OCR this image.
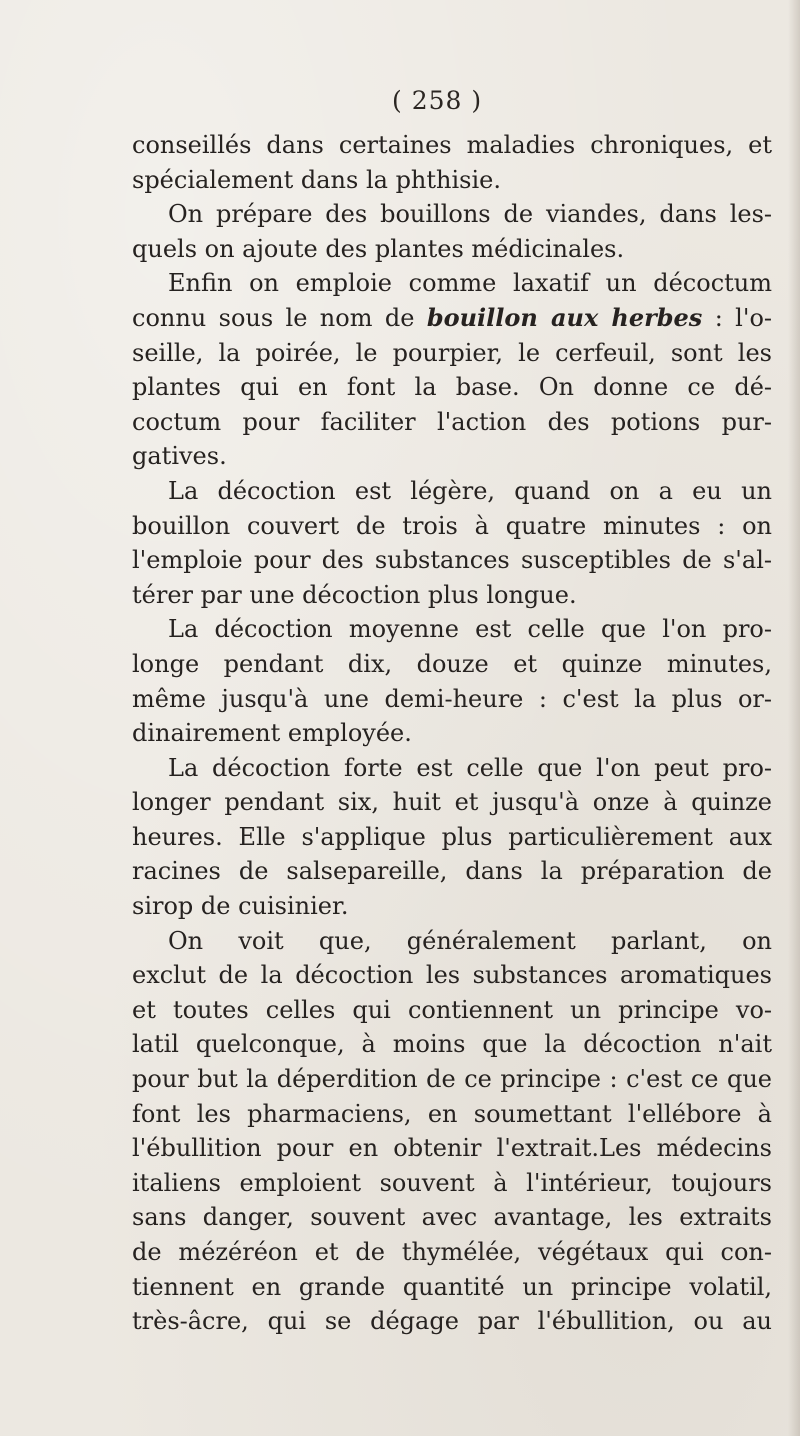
( 258 )
conseillés dans certaines maladies chroniques, et
spécialement dans la phthisie.
On prépare des bouillons de viandes, dans les-
quels on ajoute des plantes médicinales.
Enfin on emploie comme laxatif un décoctum
connu sous le nom de bouillon aux herbes : l'o-
seille, la poirée, le pourpier, le cerfeuil, sont les
plantes qui en font la base. On donne ce dé-
coctum pour faciliter l'action des potions pur-
gatives.
La décoction est légère, quand on a eu un
bouillon couvert de trois à quatre minutes : on
l'emploie pour des substances susceptibles de s'al-
térer par une décoction plus longue.
La décoction moyenne est celle que l'on pro-
longe pendant dix, douze et quinze minutes,
même jusqu'à une demi-heure : c'est la plus or-
dinairement employée.
La décoction forte est celle que l'on peut pro-
longer pendant six, huit et jusqu'à onze à quinze
heures. Elle s'applique plus particulièrement aux
racines de salsepareille, dans la préparation de
sirop de cuisinier.
On voit que, généralement parlant, on
exclut de la décoction les substances aromatiques
et toutes celles qui contiennent un principe vo-
latil quelconque, à moins que la décoction n'ait
pour but la déperdition de ce principe : c'est ce que
font les pharmaciens, en soumettant l'ellébore à
l'ébullition pour en obtenir l'extrait.Les médecins
italiens emploient souvent à l'intérieur, toujours
sans danger, souvent avec avantage, les extraits
de mézéréon et de thymélée, végétaux qui con-
tiennent en grande quantité un principe volatil,
très-âcre, qui se dégage par l'ébullition, ou au
